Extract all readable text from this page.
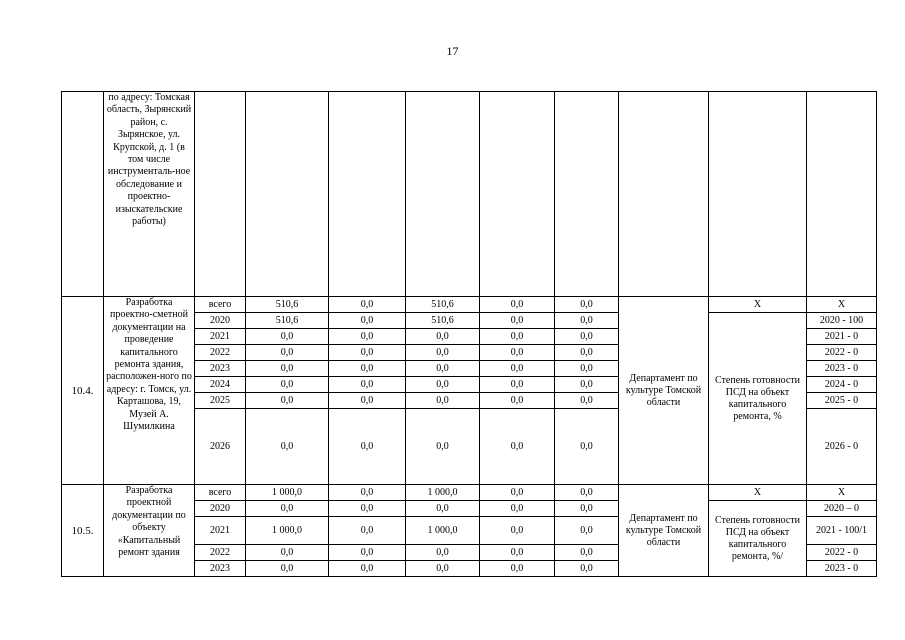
17
	по адресу: Томская область, Зырянский район, с. Зырянское, ул. Крупской, д. 1 (в том числе инструменталь-ное обследование и проектно-изыскательские работы)									
10.4.	Разработка проектно-сметной документации на проведение капитального ремонта здания, расположен-ного по адресу: г. Томск, ул. Карташова, 19, Музей А. Шумилкина	всего	510,6	0,0	510,6	0,0	0,0	Департамент по культуре Томской области	Х	Х
		2020	510,6	0,0	510,6	0,0	0,0		Степень готовности ПСД на объект капитального ремонта, %	2020 - 100
		2021	0,0	0,0	0,0	0,0	0,0			2021 - 0
		2022	0,0	0,0	0,0	0,0	0,0			2022 - 0
		2023	0,0	0,0	0,0	0,0	0,0			2023 - 0
		2024	0,0	0,0	0,0	0,0	0,0			2024 - 0
		2025	0,0	0,0	0,0	0,0	0,0			2025 - 0
		2026	0,0	0,0	0,0	0,0	0,0			2026 - 0
10.5.	Разработка проектной документации по объекту «Капитальный ремонт здания	всего	1 000,0	0,0	1 000,0	0,0	0,0	Департамент по культуре Томской области	Х	Х
		2020	0,0	0,0	0,0	0,0	0,0		Степень готовности ПСД на объект капитального ремонта, %/	2020 – 0
		2021	1 000,0	0,0	1 000,0	0,0	0,0			2021 - 100/1
		2022	0,0	0,0	0,0	0,0	0,0			2022 - 0
		2023	0,0	0,0	0,0	0,0	0,0			2023 - 0
